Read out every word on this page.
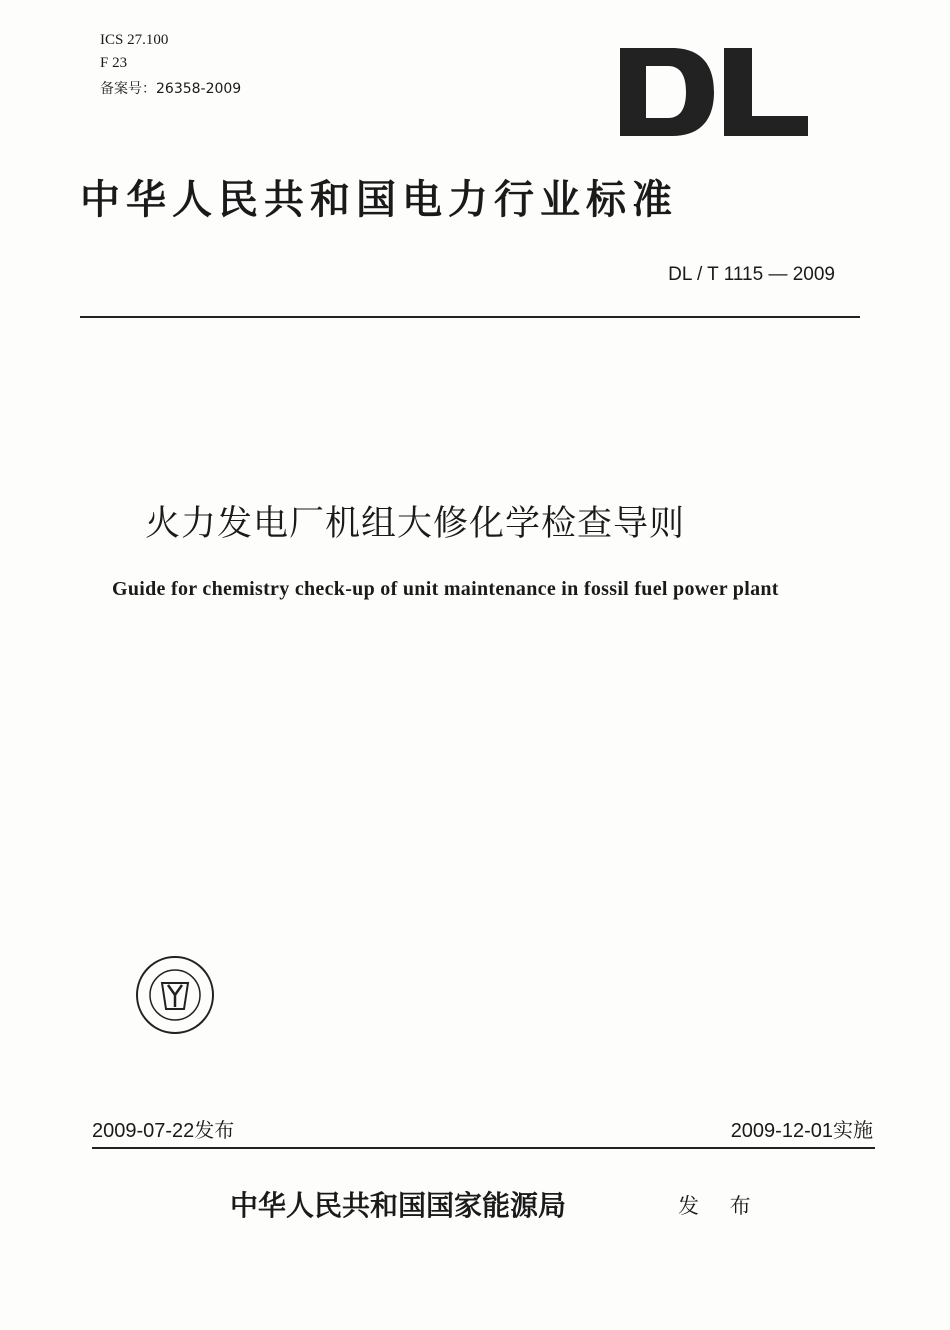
ICS 27.100
F 23
备案号：26358-2009
中华人民共和国电力行业标准
DL / T 1115 — 2009
火力发电厂机组大修化学检查导则
Guide for chemistry check-up of unit maintenance in fossil fuel power plant
2009-07-22发布	2009-12-01实施
中华人民共和国国家能源局	发 布
